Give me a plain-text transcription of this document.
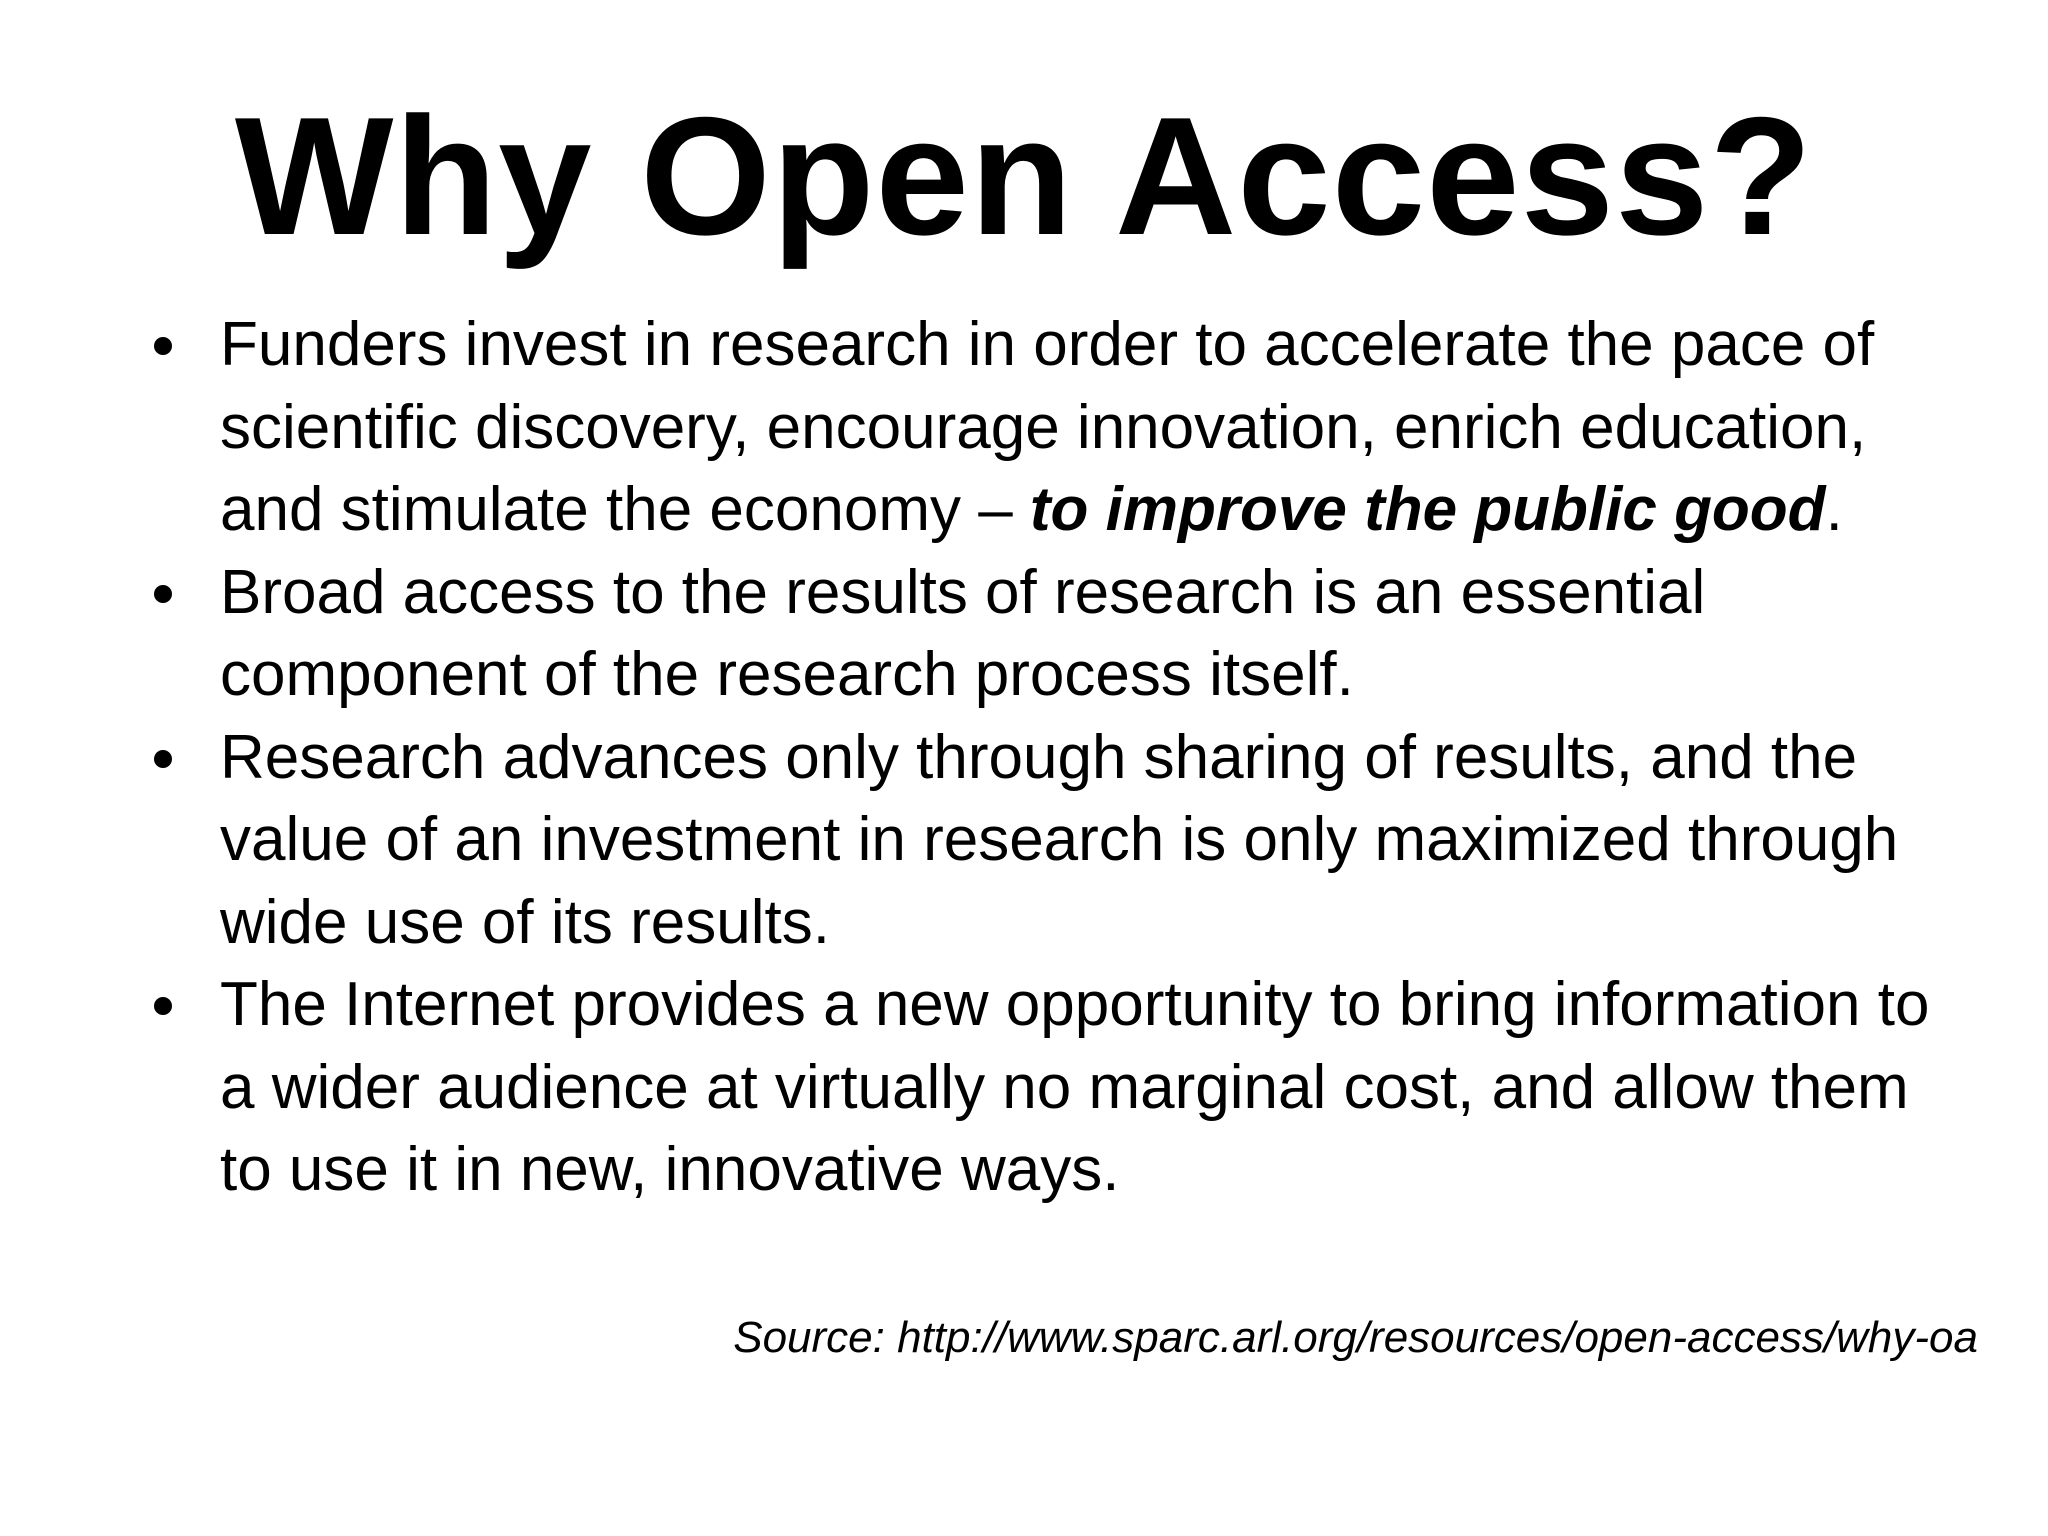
Why Open Access?
Funders invest in research in order to accelerate the pace of scientific discovery, encourage innovation, enrich education, and stimulate the economy – to improve the public good.
Broad access to the results of research is an essential component of the research process itself.
Research advances only through sharing of results, and the value of an investment in research is only maximized through wide use of its results.
The Internet provides a new opportunity to bring information to a wider audience at virtually no marginal cost, and allow them to use it in new, innovative ways.
Source: http://www.sparc.arl.org/resources/open-access/why-oa
